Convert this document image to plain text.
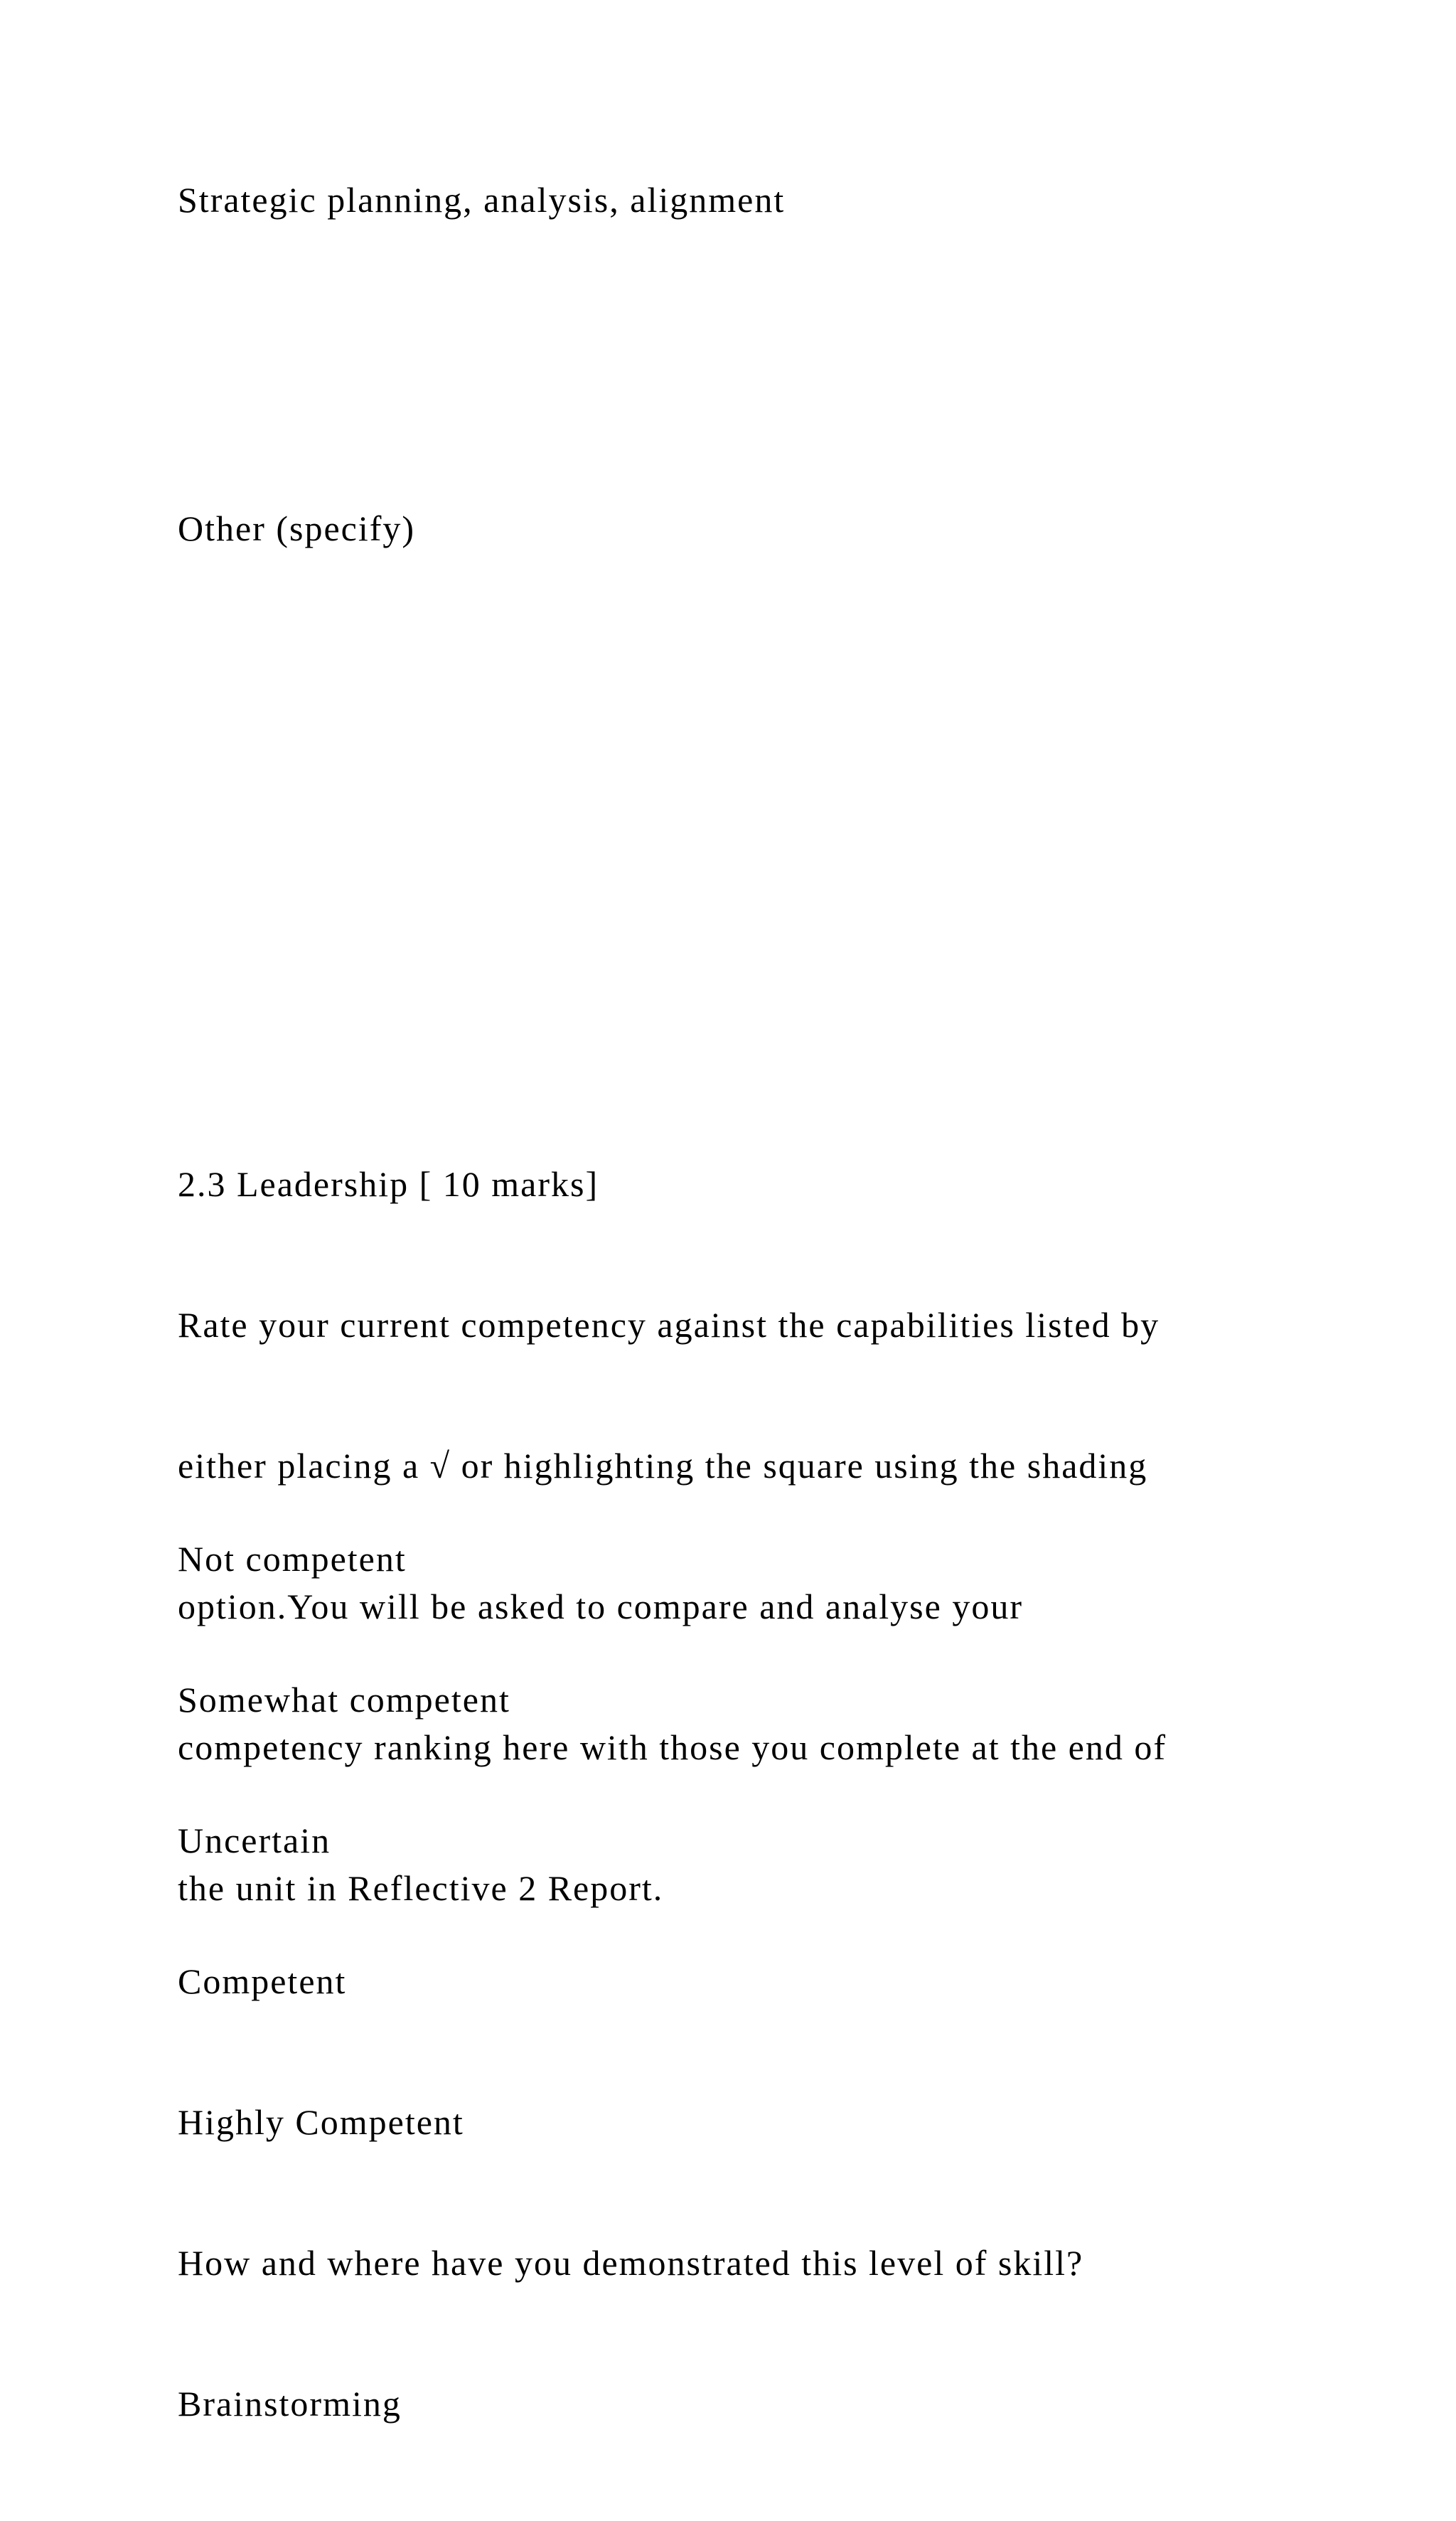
Strategic planning, analysis, alignment

Other (specify)

2.3 Leadership [ 10 marks]

Rate your current competency against the capabilities listed by

either placing a √ or highlighting the square using the shading

option.You will be asked to compare and analyse your

competency ranking here with those you complete at the end of

the unit in Reflective 2 Report.

Not competent

Somewhat competent

Uncertain

Competent

Highly Competent

How and where have you demonstrated this level of skill?

Brainstorming
